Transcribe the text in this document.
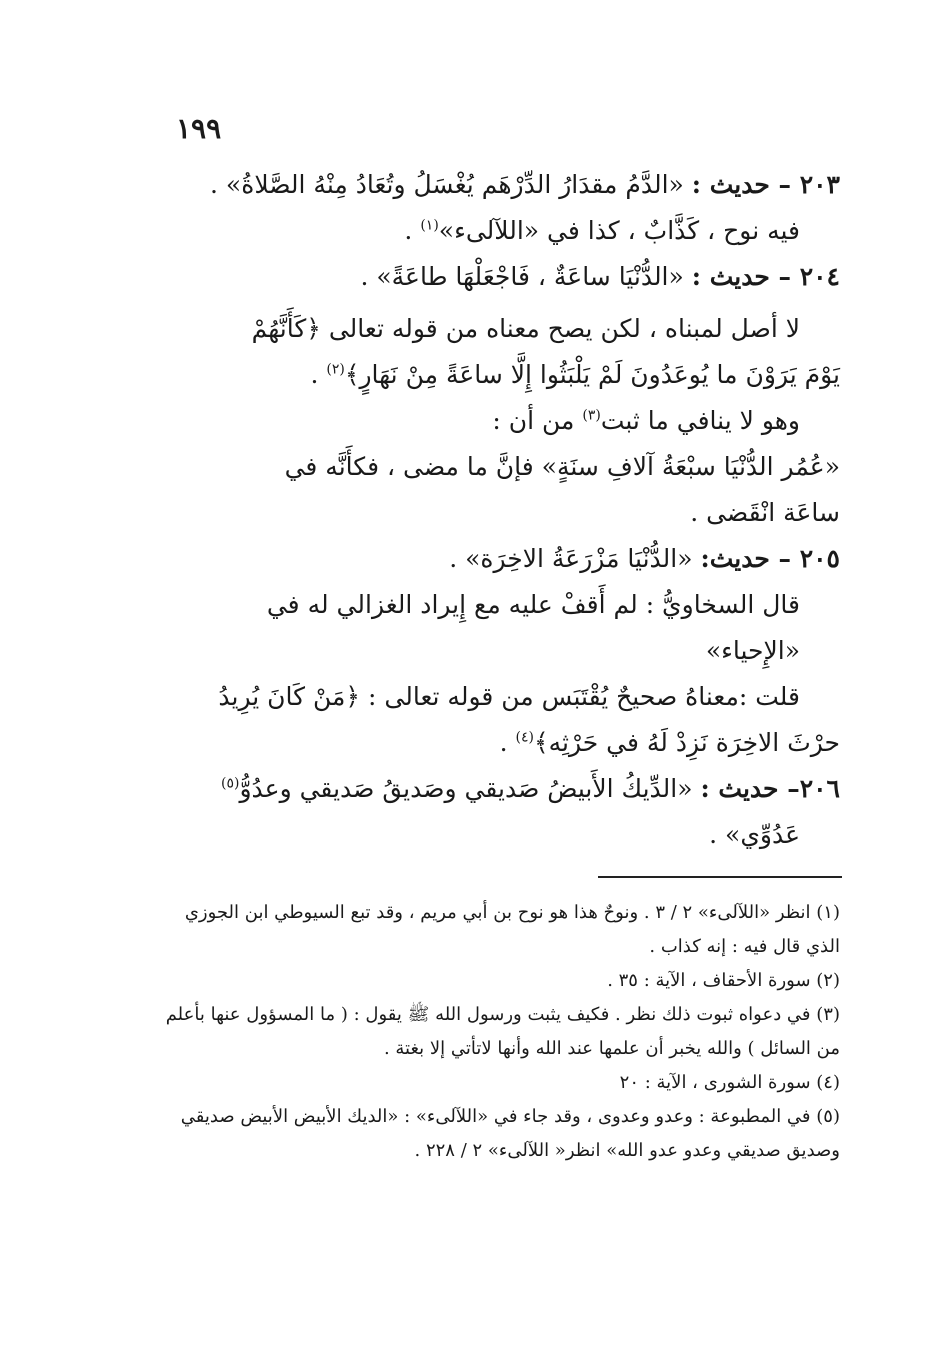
١٩٩

٢٠٣ – حديث : «الدَّمُ مقدَارُ الدِّرْهَم يُغْسَلُ وتُعَادُ مِنْهُ الصَّلاةُ» .

فيه نوح ، كَذَّابٌ ، كذا في «اللآلىء»$^{(١)}$ .

٢٠٤ – حديث : «الدُّنْيَا ساعَةٌ ، فَاجْعَلْهَا طاعَةً» .

لا أصل لمبناه ، لكن يصح معناه من قوله تعالى ﴿كَأَنَّهُمْ

يَوْمَ يَرَوْنَ ما يُوعَدُونَ لَمْ يَلْبَثُوا إِلَّا ساعَةً مِنْ نَهَارٍ﴾$^{(٢)}$ .

وهو لا ينافي ما ثبت$^{(٣)}$ من أن :

«عُمُر الدُّنْيَا سبْعَةُ آلافِ سنَةٍ» فإنَّ ما مضى ، فكأَنَّه في

ساعَة انْقَضى .

٢٠٥ – حديث: «الدُّنْيَا مَزْرَعَةُ الاخِرَة» .

قال السخاويُّ : لم أَقفْ عليه مع إِيراد الغزالي له في «الإِحياء»

قلت :معناهُ صحيحٌ يُقْتَبَس من قوله تعالى : ﴿مَنْ كَانَ يُرِيدُ

حرْثَ الاخِرَة نَزِدْ لَهُ في حَرْثِه﴾$^{(٤)}$ .

٢٠٦– حديث : «الدِّيكُ الأَبيضُ صَديقي وصَديقُ صَديقي وعدُوُّ$^{(٥)}$

عَدُوِّي» .

(١) انظر «اللآلىء» ٢ / ٣ . ونوحٌ هذا هو نوح بن أبي مريم ، وقد تبع السيوطي ابن الجوزي الذي قال فيه : إنه كذاب .

(٢) سورة الأحقاف ، الآية : ٣٥ .

(٣) في دعواه ثبوت ذلك نظر . فكيف يثبت ورسول الله ﷺ يقول : ( ما المسؤول عنها بأعلم من السائل ) والله يخبر أن علمها عند الله وأنها لاتأتي إلا بغتة .

(٤) سورة الشورى ، الآية : ٢٠

(٥) في المطبوعة : وعدو وعدوى ، وقد جاء في «اللآلىء» : «الديك الأبيض الأبيض صديقي وصديق صديقي وعدو عدو الله» انظر« اللآلىء» ٢ / ٢٢٨ .
